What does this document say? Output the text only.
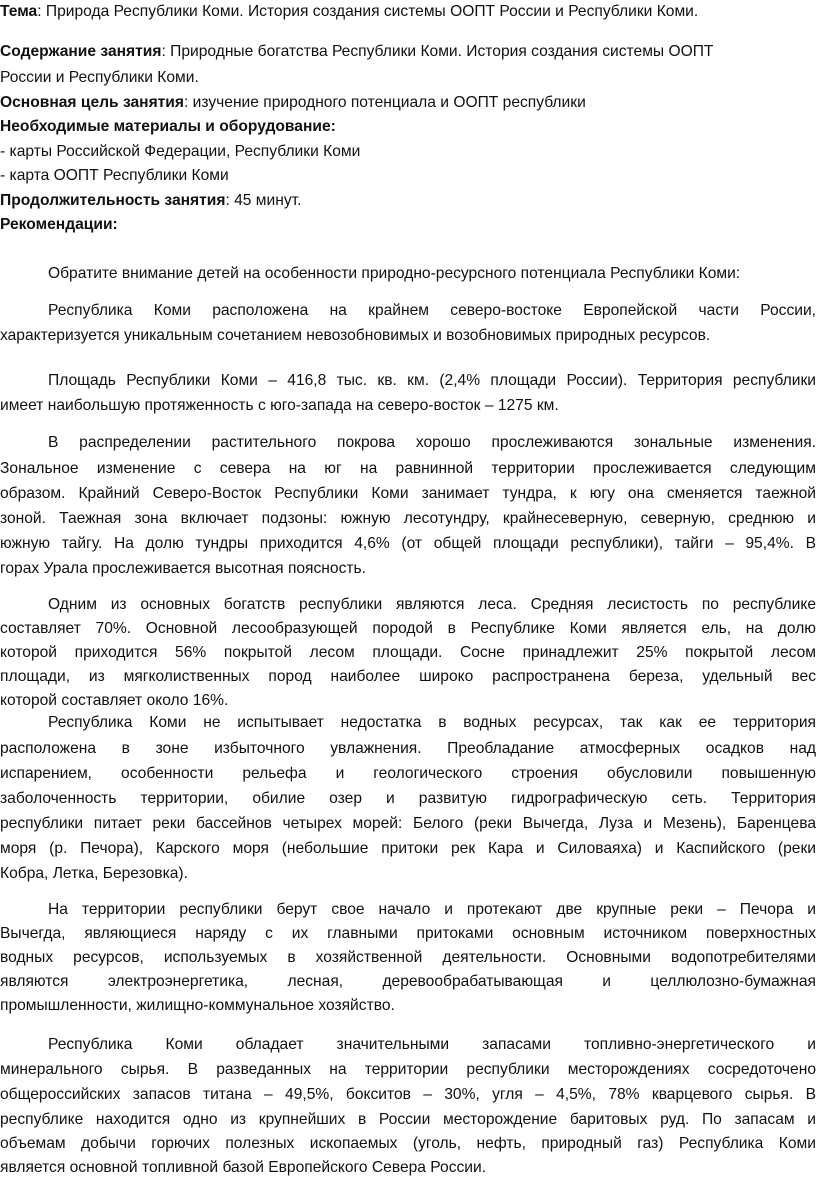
Тема: Природа Республики Коми. История создания системы ООПТ России и Республики Коми.
Содержание занятия: Природные богатства Республики Коми. История создания системы ООПТ
России и Республики Коми.
Основная цель занятия: изучение природного потенциала и ООПТ республики
Необходимые материалы и оборудование:
- карты Российской Федерации, Республики Коми
- карта ООПТ Республики Коми
Продолжительность занятия: 45 минут.
Рекомендации:
Обратите внимание детей на особенности природно-ресурсного потенциала Республики Коми:
Республика Коми расположена на крайнем северо-востоке Европейской части России,
характеризуется уникальным сочетанием невозобновимых и возобновимых природных ресурсов.
Площадь Республики Коми – 416,8 тыс. кв. км. (2,4% площади России). Территория республики
имеет наибольшую протяженность с юго-запада на северо-восток – 1275 км.
В распределении растительного покрова хорошо прослеживаются зональные изменения.
Зональное изменение с севера на юг на равнинной территории прослеживается следующим
образом. Крайний Северо-Восток Республики Коми занимает тундра, к югу она сменяется таежной
зоной. Таежная зона включает подзоны: южную лесотундру, крайнесеверную, северную, среднюю и
южную тайгу. На долю тундры приходится 4,6% (от общей площади республики), тайги – 95,4%. В
горах Урала прослеживается высотная поясность.
Одним из основных богатств республики являются леса. Средняя лесистость по республике
составляет 70%. Основной лесообразующей породой в Республике Коми является ель, на долю
которой приходится 56% покрытой лесом площади. Сосне принадлежит 25% покрытой лесом
площади, из мягколиственных пород наиболее широко распространена береза, удельный вес
которой составляет около 16%.
Республика Коми не испытывает недостатка в водных ресурсах, так как ее территория
расположена в зоне избыточного увлажнения. Преобладание атмосферных осадков над
испарением, особенности рельефа и геологического строения обусловили повышенную
заболоченность территории, обилие озер и развитую гидрографическую сеть. Территория
республики питает реки бассейнов четырех морей: Белого (реки Вычегда, Луза и Мезень), Баренцева
моря (р. Печора), Карского моря (небольшие притоки рек Кара и Силоваяха) и Каспийского (реки
Кобра, Летка, Березовка).
На территории республики берут свое начало и протекают две крупные реки – Печора и
Вычегда, являющиеся наряду с их главными притоками основным источником поверхностных
водных ресурсов, используемых в хозяйственной деятельности. Основными водопотребителями
являются электроэнергетика, лесная, деревообрабатывающая и целлюлозно-бумажная
промышленности, жилищно-коммунальное хозяйство.
Республика Коми обладает значительными запасами топливно-энергетического и
минерального сырья. В разведанных на территории республики месторождениях сосредоточено
общероссийских запасов титана – 49,5%, бокситов – 30%, угля – 4,5%, 78% кварцевого сырья. В
республике находится одно из крупнейших в России месторождение баритовых руд. По запасам и
объемам добычи горючих полезных ископаемых (уголь, нефть, природный газ) Республика Коми
является основной топливной базой Европейского Севера России.
